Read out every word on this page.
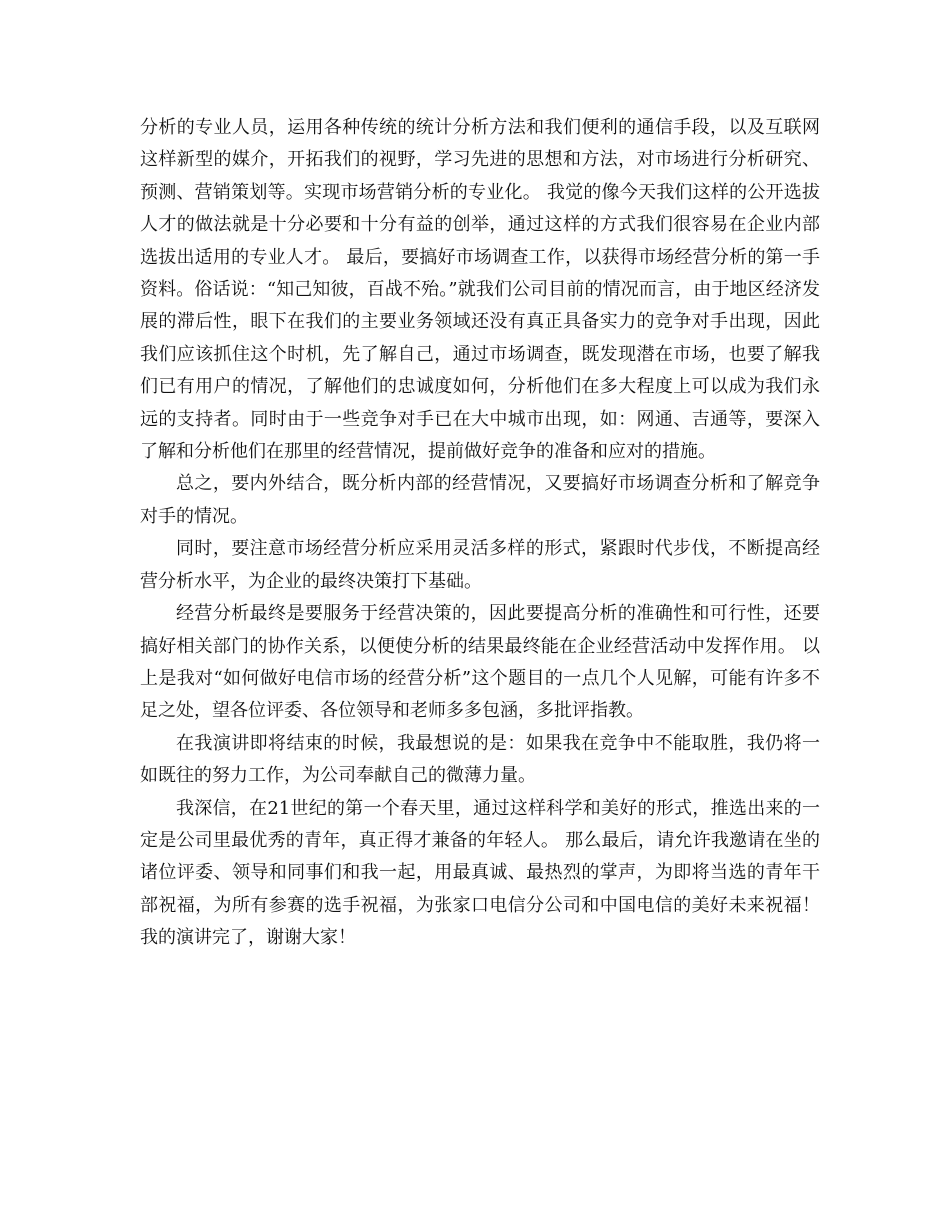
分析的专业人员，运用各种传统的统计分析方法和我们便利的通信手段，以及互联网这样新型的媒介，开拓我们的视野，学习先进的思想和方法，对市场进行分析研究、预测、营销策划等。实现市场营销分析的专业化。 我觉的像今天我们这样的公开选拔人才的做法就是十分必要和十分有益的创举，通过这样的方式我们很容易在企业内部选拔出适用的专业人才。 最后，要搞好市场调查工作，以获得市场经营分析的第一手资料。俗话说：“知己知彼，百战不殆。”就我们公司目前的情况而言，由于地区经济发展的滞后性，眼下在我们的主要业务领域还没有真正具备实力的竞争对手出现，因此我们应该抓住这个时机，先了解自己，通过市场调查，既发现潜在市场，也要了解我们已有用户的情况，了解他们的忠诚度如何，分析他们在多大程度上可以成为我们永远的支持者。同时由于一些竞争对手已在大中城市出现，如：网通、吉通等，要深入了解和分析他们在那里的经营情况，提前做好竞争的准备和应对的措施。

总之，要内外结合，既分析内部的经营情况，又要搞好市场调查分析和了解竞争对手的情况。

同时，要注意市场经营分析应采用灵活多样的形式，紧跟时代步伐，不断提高经营分析水平，为企业的最终决策打下基础。

经营分析最终是要服务于经营决策的，因此要提高分析的准确性和可行性，还要搞好相关部门的协作关系，以便使分析的结果最终能在企业经营活动中发挥作用。 以上是我对“如何做好电信市场的经营分析”这个题目的一点几个人见解，可能有许多不足之处，望各位评委、各位领导和老师多多包涵，多批评指教。

在我演讲即将结束的时候，我最想说的是：如果我在竞争中不能取胜，我仍将一如既往的努力工作，为公司奉献自己的微薄力量。

我深信，在21世纪的第一个春天里，通过这样科学和美好的形式，推选出来的一定是公司里最优秀的青年，真正得才兼备的年轻人。 那么最后，请允许我邀请在坐的诸位评委、领导和同事们和我一起，用最真诚、最热烈的掌声，为即将当选的青年干部祝福，为所有参赛的选手祝福，为张家口电信分公司和中国电信的美好未来祝福！ 我的演讲完了，谢谢大家！
